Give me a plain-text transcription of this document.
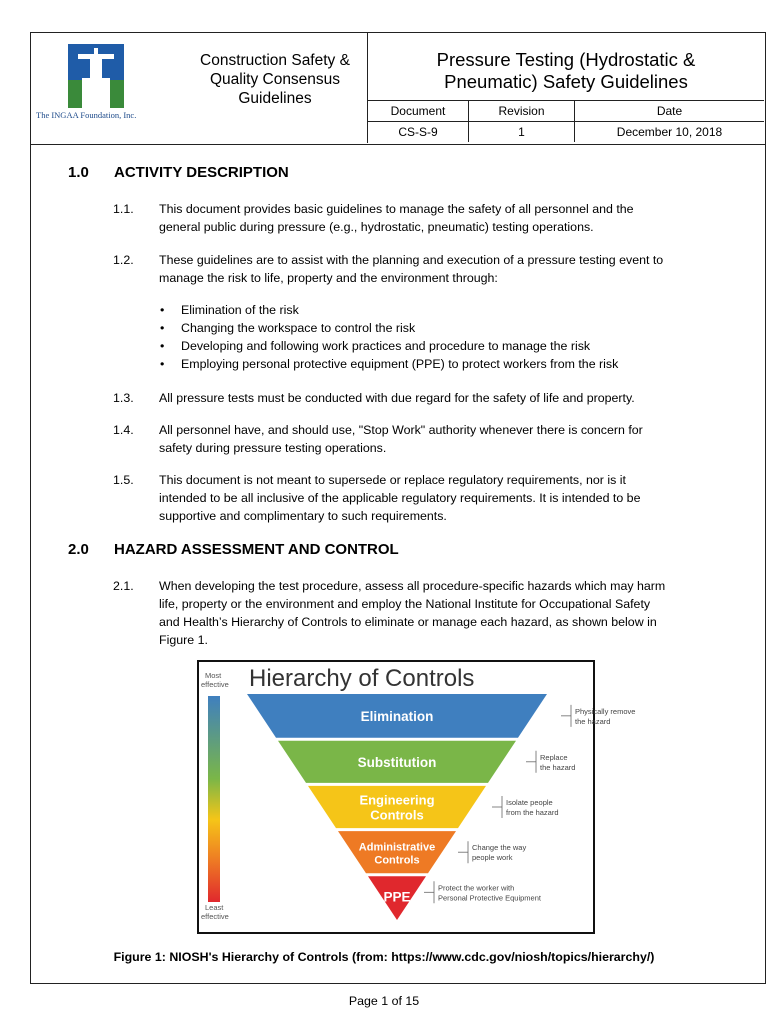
The INGAA Foundation, Inc.
Construction Safety &
Quality Consensus
Guidelines
Pressure Testing (Hydrostatic &
Pneumatic) Safety Guidelines
Document	Revision	Date
CS-S-9	1	December 10, 2018
1.0 ACTIVITY DESCRIPTION
1.1. This document provides basic guidelines to manage the safety of all personnel and the
general public during pressure (e.g., hydrostatic, pneumatic) testing operations.
1.2. These guidelines are to assist with the planning and execution of a pressure testing event to
manage the risk to life, property and the environment through:
• Elimination of the risk
• Changing the workspace to control the risk
• Developing and following work practices and procedure to manage the risk
• Employing personal protective equipment (PPE) to protect workers from the risk
1.3. All pressure tests must be conducted with due regard for the safety of life and property.
1.4. All personnel have, and should use, "Stop Work" authority whenever there is concern for
safety during pressure testing operations.
1.5. This document is not meant to supersede or replace regulatory requirements, nor is it
intended to be all inclusive of the applicable regulatory requirements. It is intended to be
supportive and complimentary to such requirements.
2.0 HAZARD ASSESSMENT AND CONTROL
2.1. When developing the test procedure, assess all procedure-specific hazards which may harm
life, property or the environment and employ the National Institute for Occupational Safety
and Health’s Hierarchy of Controls to eliminate or manage each hazard, as shown below in
Figure 1.
Hierarchy of Controls
Most effective
Least effective
Elimination	Physically remove the hazard
Substitution	Replace the hazard
Engineering Controls
Isolate people from the hazard
Administrative Controls
Change the way people work
PPE
Protect the worker with Personal Protective Equipment
Figure 1: NIOSH's Hierarchy of Controls (from: https://www.cdc.gov/niosh/topics/hierarchy/)
Page 1 of 15
